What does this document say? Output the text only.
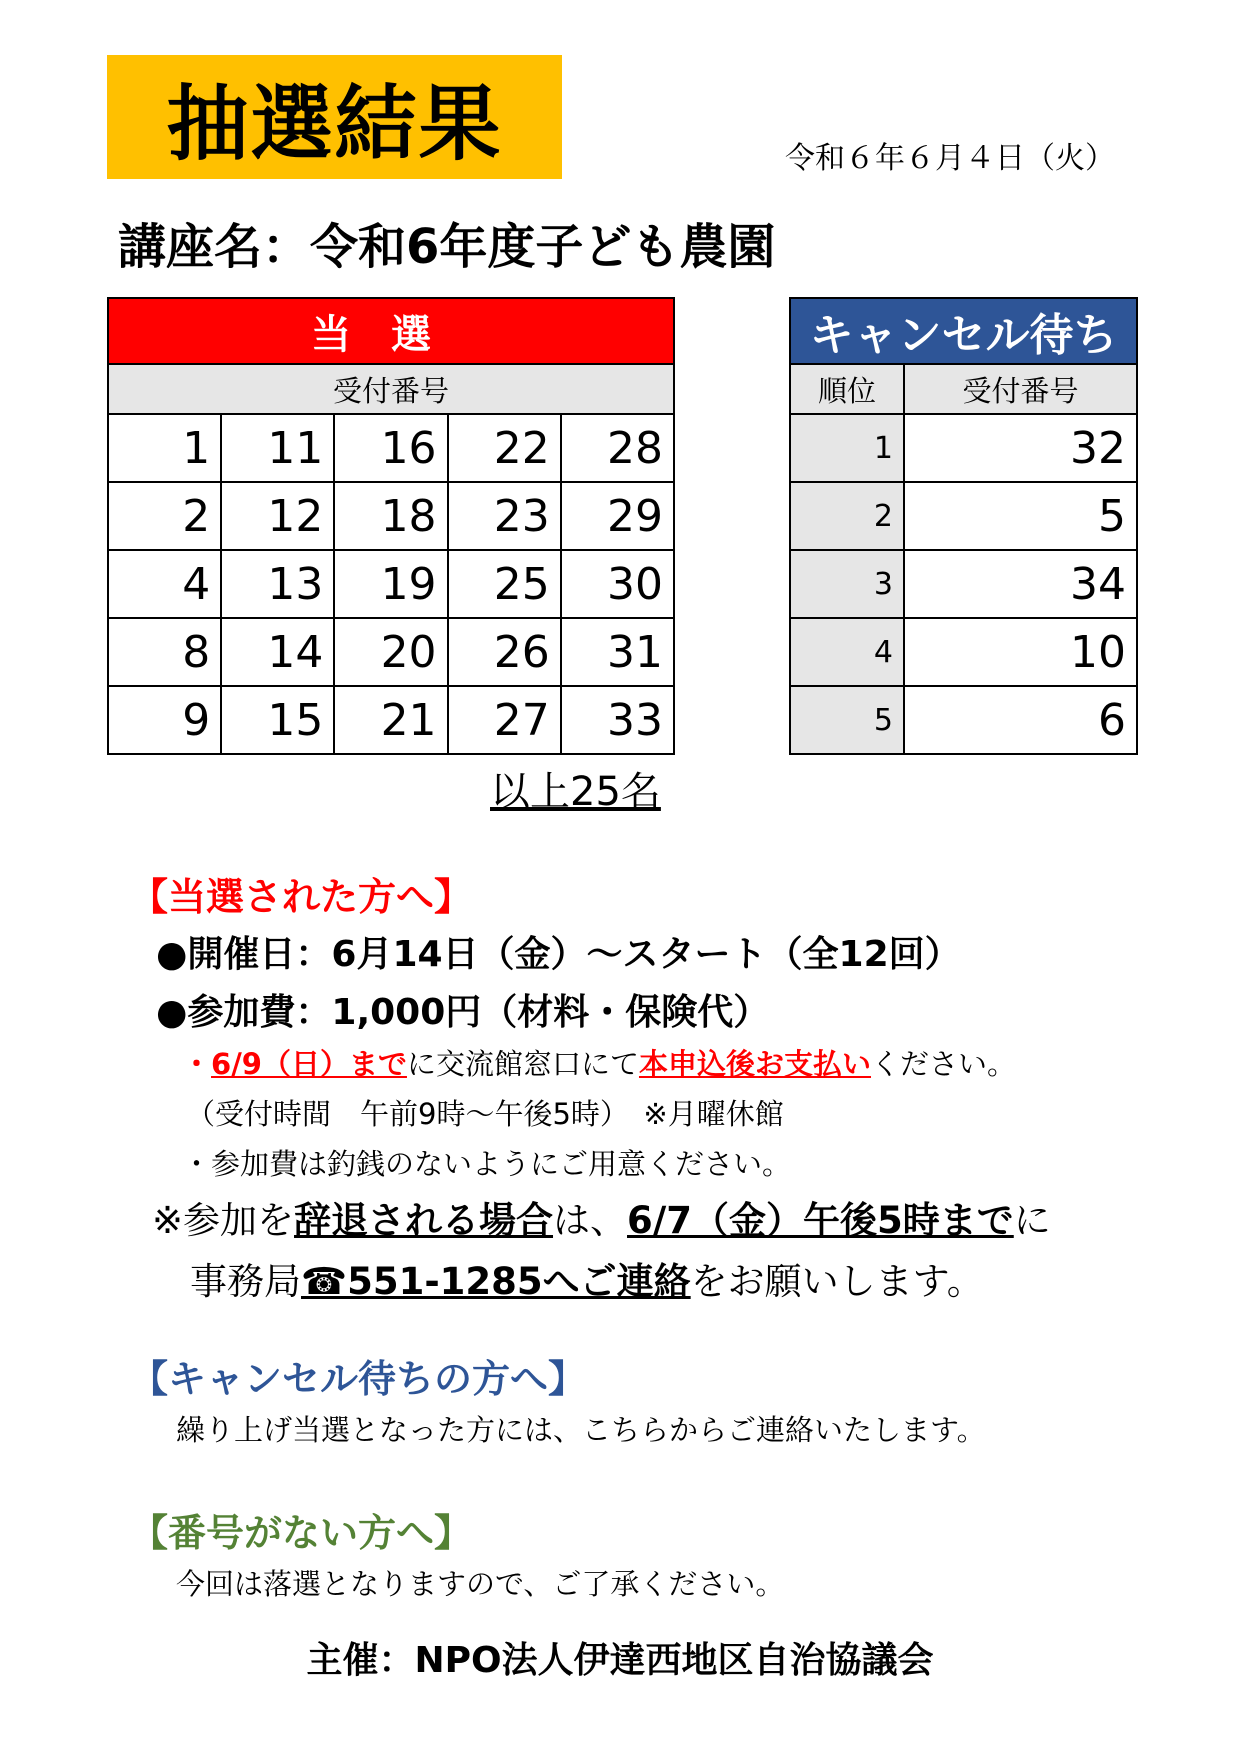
抽選結果	令和６年６月４日（火）
講座名：令和6年度子ども農園
当選				
受付番号				
1	11	16	22	28
2	12	18	23	29
4	13	19	25	30
8	14	20	26	31
9	15	21	27	33
キャンセル待ち	
順位	受付番号
1	32
2	5
3	34
4	10
5	6
以上25名
【当選された方へ】
●開催日：6月14日（金）～スタート（全12回）
●参加費：1,000円（材料・保険代）
・6/9（日）までに交流館窓口にて本申込後お支払いください。
（受付時間　午前9時～午後5時）　※月曜休館
・参加費は釣銭のないようにご用意ください。
※参加を辞退される場合は、6/7（金）午後5時までに
事務局☎551-1285へご連絡をお願いします。
【キャンセル待ちの方へ】
繰り上げ当選となった方には、こちらからご連絡いたします。
【番号がない方へ】
今回は落選となりますので、ご了承ください。
主催：NPO法人伊達西地区自治協議会
